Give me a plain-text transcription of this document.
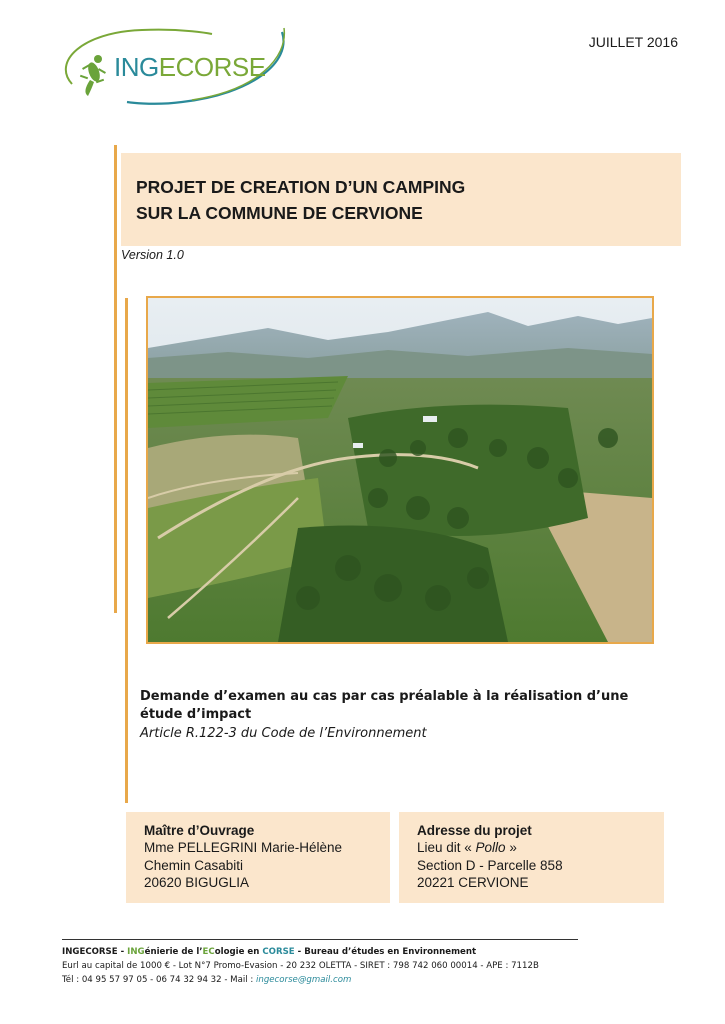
INGECORSE
JUILLET 2016
PROJET DE CREATION D’UN CAMPING
SUR LA COMMUNE DE CERVIONE
Version 1.0
Demande d’examen au cas par cas préalable à la réalisation d’une
étude d’impact
Article R.122-3 du Code de l’Environnement
Maître d’Ouvrage
Mme PELLEGRINI Marie-Hélène
Chemin Casabiti
20620 BIGUGLIA
Adresse du projet
Lieu dit « Pollo »
Section D - Parcelle 858
20221 CERVIONE
INGECORSE - INGénierie de l’ECologie en CORSE - Bureau d’études en Environnement
Eurl au capital de 1000 € - Lot N°7 Promo-Evasion - 20 232 OLETTA - SIRET : 798 742 060 00014 - APE : 7112B
Tél : 04 95 57 97 05 - 06 74 32 94 32 - Mail : ingecorse@gmail.com
